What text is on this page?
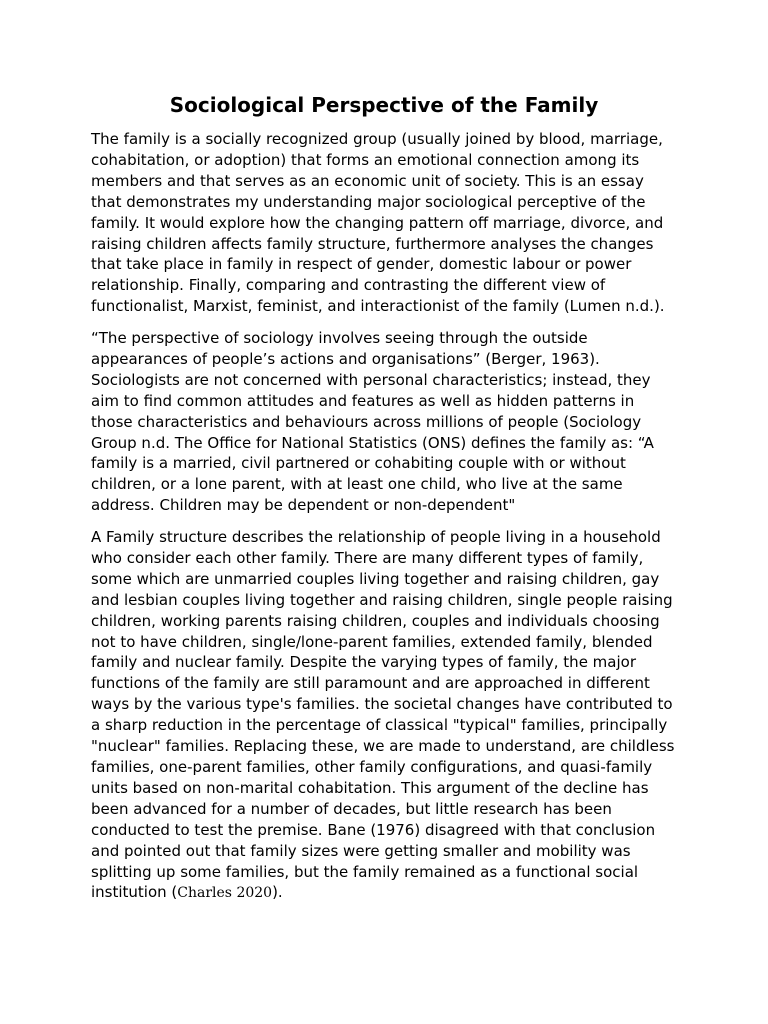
Sociological Perspective of the Family

The family is a socially recognized group (usually joined by blood, marriage,
cohabitation, or adoption) that forms an emotional connection among its
members and that serves as an economic unit of society. This is an essay
that demonstrates my understanding major sociological perceptive of the
family. It would explore how the changing pattern off marriage, divorce, and
raising children affects family structure, furthermore analyses the changes
that take place in family in respect of gender, domestic labour or power
relationship. Finally, comparing and contrasting the different view of
functionalist, Marxist, feminist, and interactionist of the family (Lumen n.d.).

“The perspective of sociology involves seeing through the outside
appearances of people’s actions and organisations” (Berger, 1963).
Sociologists are not concerned with personal characteristics; instead, they
aim to find common attitudes and features as well as hidden patterns in
those characteristics and behaviours across millions of people (Sociology
Group n.d. The Office for National Statistics (ONS) defines the family as: “A
family is a married, civil partnered or cohabiting couple with or without
children, or a lone parent, with at least one child, who live at the same
address. Children may be dependent or non-dependent"

A Family structure describes the relationship of people living in a household
who consider each other family. There are many different types of family,
some which are unmarried couples living together and raising children, gay
and lesbian couples living together and raising children, single people raising
children, working parents raising children, couples and individuals choosing
not to have children, single/lone-parent families, extended family, blended
family and nuclear family. Despite the varying types of family, the major
functions of the family are still paramount and are approached in different
ways by the various type's families. the societal changes have contributed to
a sharp reduction in the percentage of classical "typical" families, principally
"nuclear" families. Replacing these, we are made to understand, are childless
families, one-parent families, other family configurations, and quasi-family
units based on non-marital cohabitation. This argument of the decline has
been advanced for a number of decades, but little research has been
conducted to test the premise. Bane (1976) disagreed with that conclusion
and pointed out that family sizes were getting smaller and mobility was
splitting up some families, but the family remained as a functional social
institution (Charles 2020).
